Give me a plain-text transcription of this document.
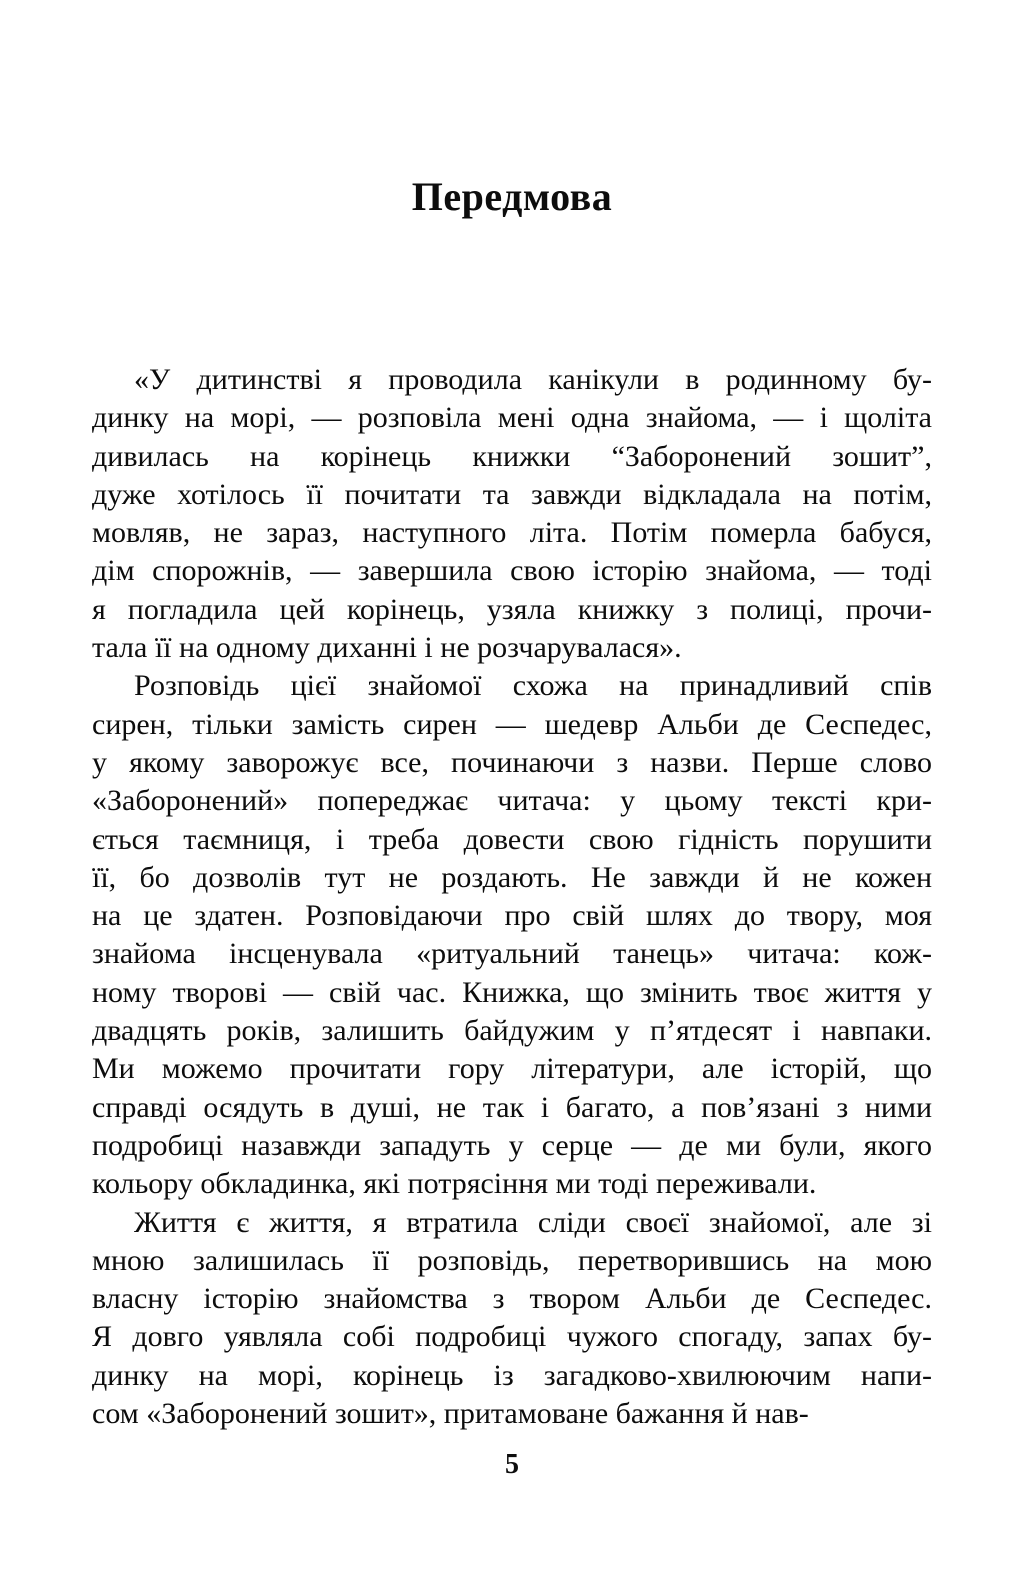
Передмова
«У дитинстві я проводила канікули в родинному бу-
динку на морі, — розповіла мені одна знайома, — і щоліта
дивилась на корінець книжки “Заборонений зошит”,
дуже хотілось її почитати та завжди відкладала на потім,
мовляв, не зараз, наступного літа. Потім померла бабуся,
дім спорожнів, — завершила свою історію знайома, — тоді
я погладила цей корінець, узяла книжку з полиці, прочи-
тала її на одному диханні і не розчарувалася».
Розповідь цієї знайомої схожа на принадливий спів
сирен, тільки замість сирен — шедевр Альби де Сеспедес,
у якому заворожує все, починаючи з назви. Перше слово
«Заборонений» попереджає читача: у цьому тексті кри-
ється таємниця, і треба довести свою гідність порушити
її, бо дозволів тут не роздають. Не завжди й не кожен
на це здатен. Розповідаючи про свій шлях до твору, моя
знайома інсценувала «ритуальний танець» читача: кож-
ному творові — свій час. Книжка, що змінить твоє життя у
двадцять років, залишить байдужим у п’ятдесят і навпаки.
Ми можемо прочитати гору літератури, але історій, що
справді осядуть в душі, не так і багато, а пов’язані з ними
подробиці назавжди западуть у серце — де ми були, якого
кольору обкладинка, які потрясіння ми тоді переживали.
Життя є життя, я втратила сліди своєї знайомої, але зі
мною залишилась її розповідь, перетворившись на мою
власну історію знайомства з твором Альби де Сеспедес.
Я довго уявляла собі подробиці чужого спогаду, запах бу-
динку на морі, корінець із загадково-хвилюючим напи-
сом «Заборонений зошит», притамоване бажання й нав-
5
